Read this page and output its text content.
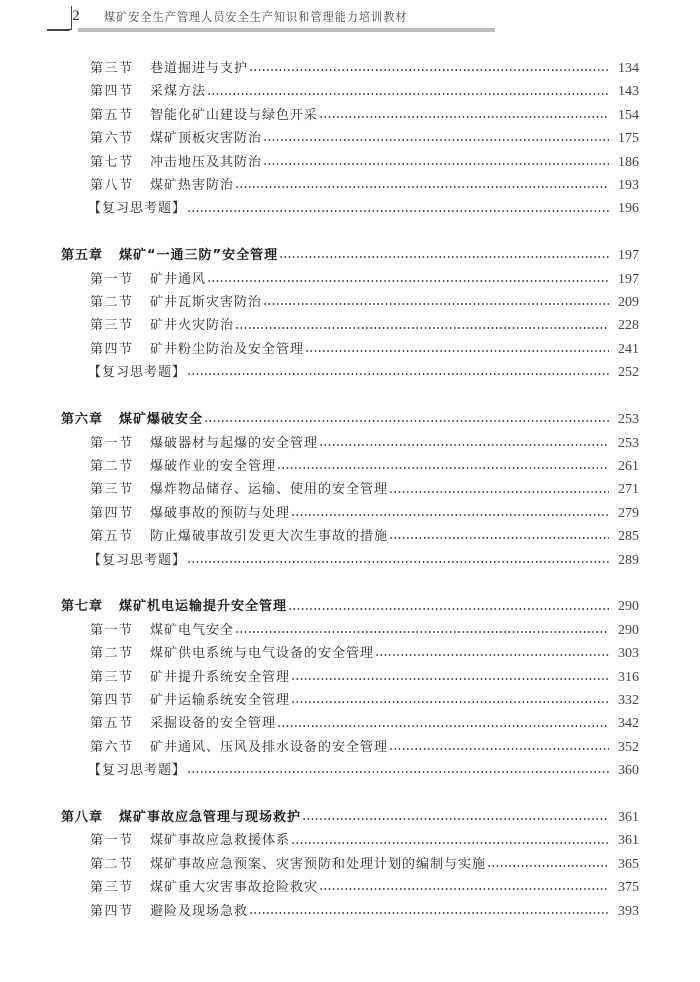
2	煤矿安全生产管理人员安全生产知识和管理能力培训教材
第三节	巷道掘进与支护	134
第四节	采煤方法	143
第五节	智能化矿山建设与绿色开采	154
第六节	煤矿顶板灾害防治	175
第七节	冲击地压及其防治	186
第八节	煤矿热害防治	193
【复习思考题】	196
第五章	煤矿“一通三防”安全管理	197
第一节	矿井通风	197
第二节	矿井瓦斯灾害防治	209
第三节	矿井火灾防治	228
第四节	矿井粉尘防治及安全管理	241
【复习思考题】	252
第六章	煤矿爆破安全	253
第一节	爆破器材与起爆的安全管理	253
第二节	爆破作业的安全管理	261
第三节	爆炸物品储存、运输、使用的安全管理	271
第四节	爆破事故的预防与处理	279
第五节	防止爆破事故引发更大次生事故的措施	285
【复习思考题】	289
第七章	煤矿机电运输提升安全管理	290
第一节	煤矿电气安全	290
第二节	煤矿供电系统与电气设备的安全管理	303
第三节	矿井提升系统安全管理	316
第四节	矿井运输系统安全管理	332
第五节	采掘设备的安全管理	342
第六节	矿井通风、压风及排水设备的安全管理	352
【复习思考题】	360
第八章	煤矿事故应急管理与现场救护	361
第一节	煤矿事故应急救援体系	361
第二节	煤矿事故应急预案、灾害预防和处理计划的编制与实施	365
第三节	煤矿重大灾害事故抢险救灾	375
第四节	避险及现场急救	393
